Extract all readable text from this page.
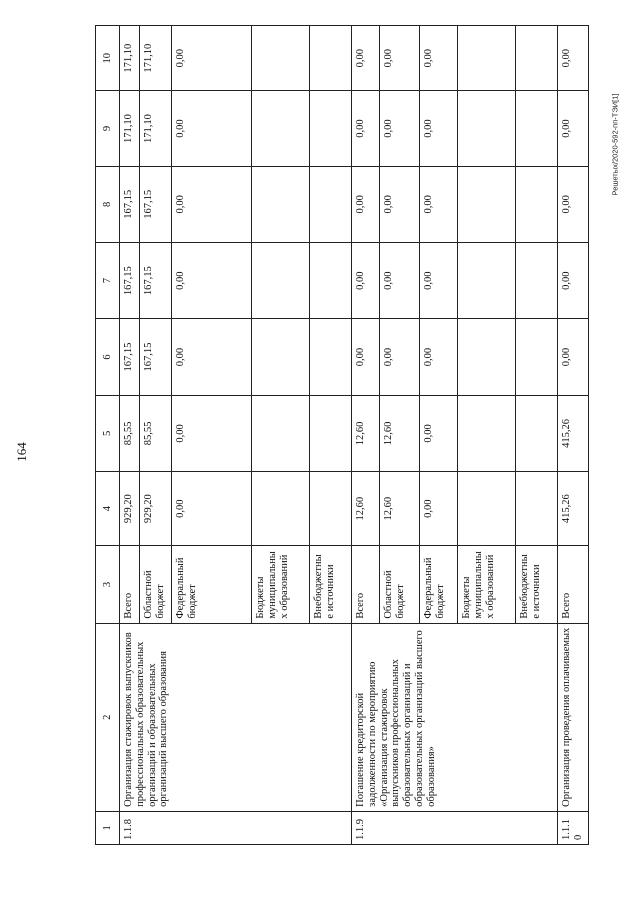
164
Решетых/2020-592-пп-ТЭИ[1]
1	2	3	4	5	6	7	8	9	10
1.1.8	Организация стажировок выпускников профессиональных образовательных организаций и образовательных организаций высшего образования	Всего	929,20	85,55	167,15	167,15	167,15	171,10	171,10
		Областной бюджет	929,20	85,55	167,15	167,15	167,15	171,10	171,10
		Федеральный бюджет	0,00	0,00	0,00	0,00	0,00	0,00	0,00
		Бюджеты муниципальных образований							
		Внебюджетные источники							
1.1.9	Погашение кредиторской задолженности по мероприятию «Организация стажировок выпускников профессиональных образовательных организаций и образовательных организаций высшего образования»	Всего	12,60	12,60	0,00	0,00	0,00	0,00	0,00
		Областной бюджет	12,60	12,60	0,00	0,00	0,00	0,00	0,00
		Федеральный бюджет	0,00	0,00	0,00	0,00	0,00	0,00	0,00
		Бюджеты муниципальных образований							
		Внебюджетные источники							
1.1.10	Организация проведения оплачиваемых	Всего	415,26	415,26	0,00	0,00	0,00	0,00	0,00
